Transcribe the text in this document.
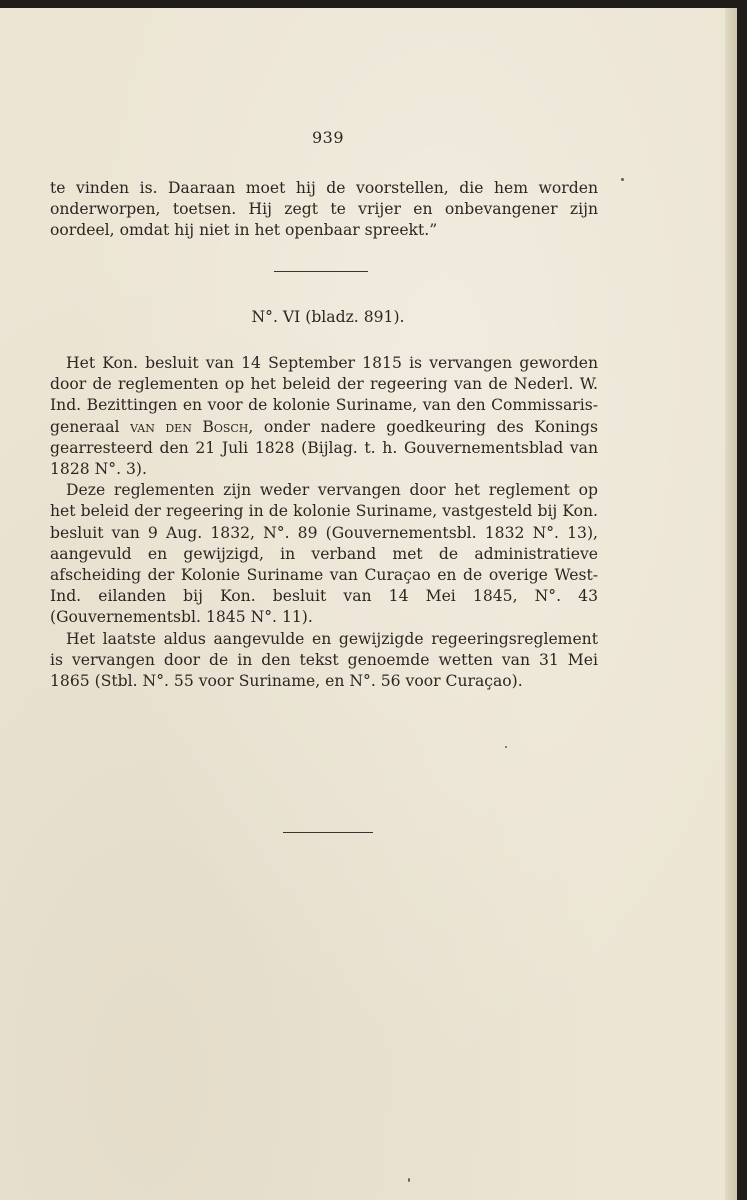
939

te vinden is. Daaraan moet hij de voorstellen, die hem worden onderworpen, toetsen. Hij zegt te vrijer en onbevangener zijn oordeel, omdat hij niet in het openbaar spreekt.”

N°. VI (bladz. 891).

Het Kon. besluit van 14 September 1815 is vervangen geworden door de reglementen op het beleid der regeering van de Nederl. W. Ind. Bezittingen en voor de kolonie Suriname, van den Commissaris-generaal van den Bosch, onder nadere goedkeuring des Konings gearresteerd den 21 Juli 1828 (Bijlag. t. h. Gouvernementsblad van 1828 N°. 3).

Deze reglementen zijn weder vervangen door het reglement op het beleid der regeering in de kolonie Suriname, vastgesteld bij Kon. besluit van 9 Aug. 1832, N°. 89 (Gouvernementsbl. 1832 N°. 13), aangevuld en gewijzigd, in verband met de administratieve afscheiding der Kolonie Suriname van Curaçao en de overige West-Ind. eilanden bij Kon. besluit van 14 Mei 1845, N°. 43 (Gouvernementsbl. 1845 N°. 11).

Het laatste aldus aangevulde en gewijzigde regeeringsreglement is vervangen door de in den tekst genoemde wetten van 31 Mei 1865 (Stbl. N°. 55 voor Suriname, en N°. 56 voor Curaçao).
